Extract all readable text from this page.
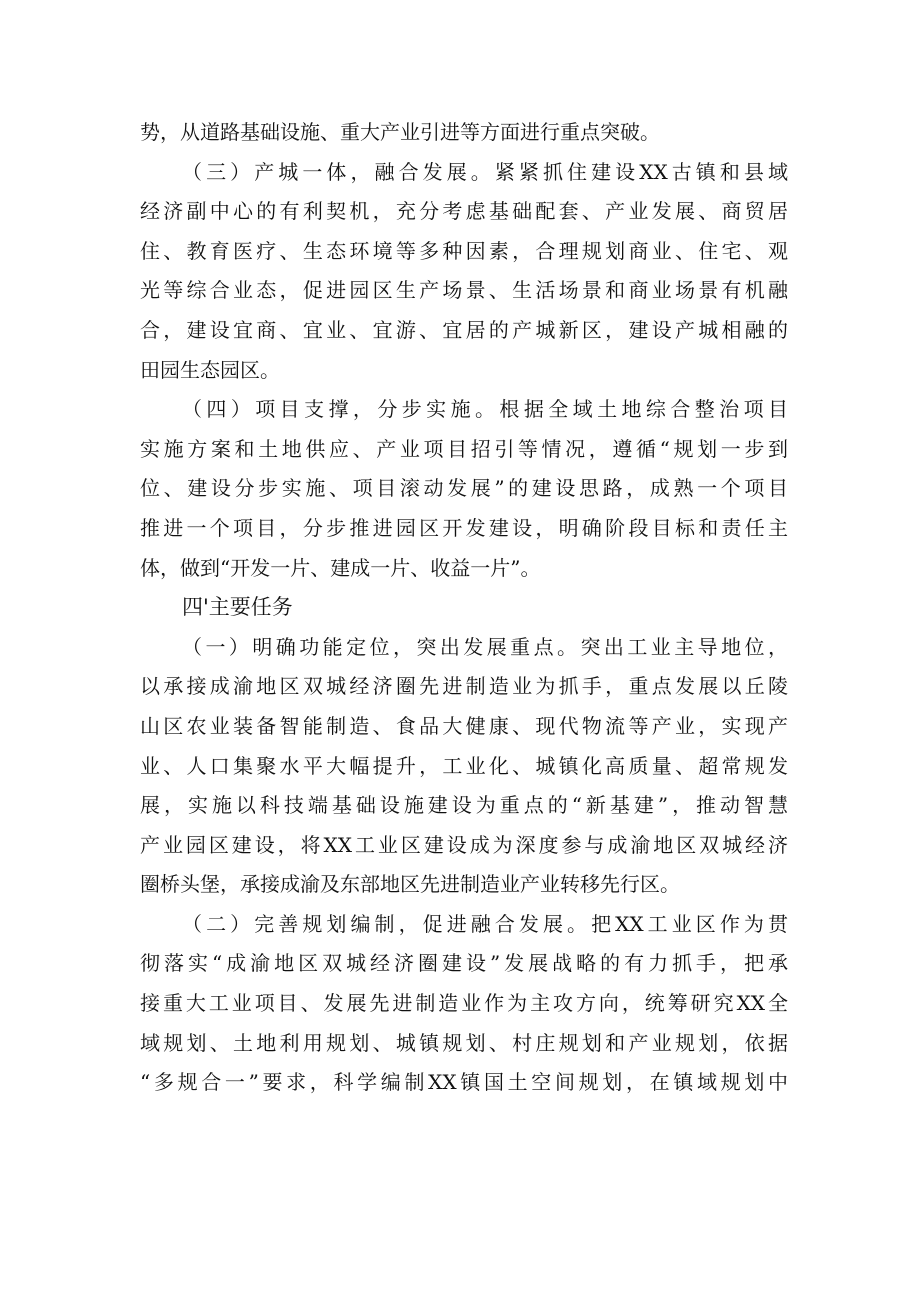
势，从道路基础设施、重大产业引进等方面进行重点突破。
（三）产城一体，融合发展。紧紧抓住建设XX古镇和县域
经济副中心的有利契机，充分考虑基础配套、产业发展、商贸居
住、教育医疗、生态环境等多种因素，合理规划商业、住宅、观
光等综合业态，促进园区生产场景、生活场景和商业场景有机融
合，建设宜商、宜业、宜游、宜居的产城新区，建设产城相融的
田园生态园区。
（四）项目支撑，分步实施。根据全域土地综合整治项目
实施方案和土地供应、产业项目招引等情况，遵循“规划一步到
位、建设分步实施、项目滚动发展”的建设思路，成熟一个项目
推进一个项目，分步推进园区开发建设，明确阶段目标和责任主
体，做到“开发一片、建成一片、收益一片”。
四'主要任务
（一）明确功能定位，突出发展重点。突出工业主导地位，
以承接成渝地区双城经济圈先进制造业为抓手，重点发展以丘陵
山区农业装备智能制造、食品大健康、现代物流等产业，实现产
业、人口集聚水平大幅提升，工业化、城镇化高质量、超常规发
展，实施以科技端基础设施建设为重点的“新基建”，推动智慧
产业园区建设，将XX工业区建设成为深度参与成渝地区双城经济
圈桥头堡，承接成渝及东部地区先进制造业产业转移先行区。
（二）完善规划编制，促进融合发展。把XX工业区作为贯
彻落实“成渝地区双城经济圈建设”发展战略的有力抓手，把承
接重大工业项目、发展先进制造业作为主攻方向，统筹研究XX全
域规划、土地利用规划、城镇规划、村庄规划和产业规划，依据
“多规合一”要求，科学编制XX镇国土空间规划，在镇域规划中
